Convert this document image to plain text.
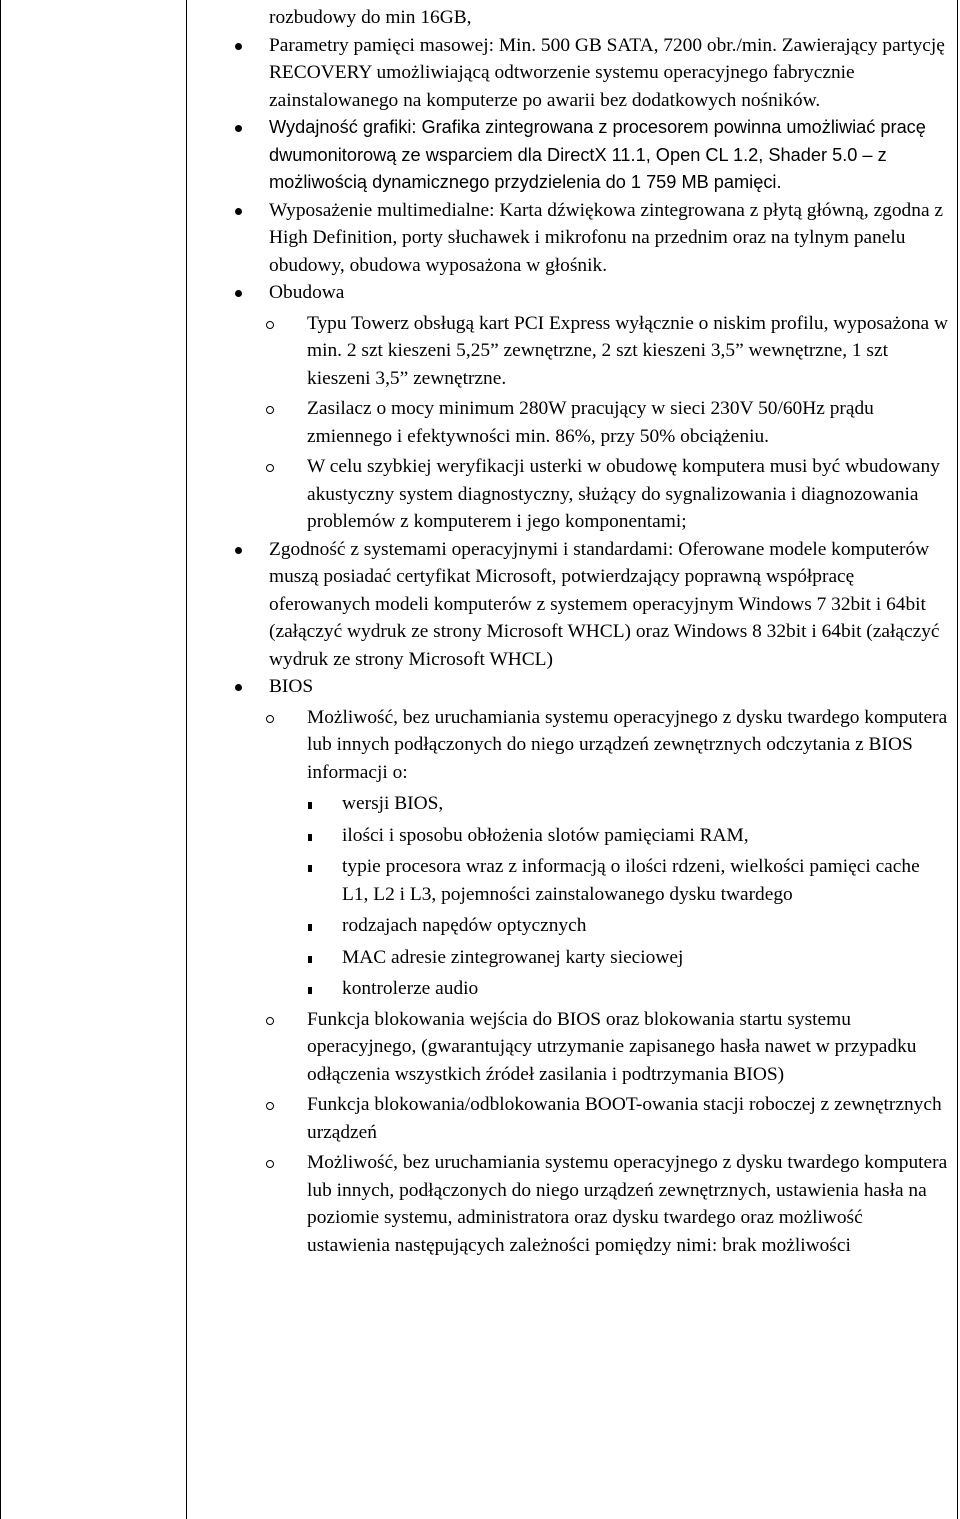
rozbudowy do min 16GB,
Parametry pamięci masowej: Min. 500 GB SATA, 7200 obr./min. Zawierający partycję RECOVERY umożliwiającą odtworzenie systemu operacyjnego fabrycznie zainstalowanego na komputerze po awarii bez dodatkowych nośników.
Wydajność grafiki: Grafika zintegrowana z procesorem powinna umożliwiać pracę dwumonitorową ze wsparciem dla DirectX 11.1, Open CL 1.2, Shader 5.0 – z możliwością dynamicznego przydzielenia do 1 759 MB pamięci.
Wyposażenie multimedialne: Karta dźwiękowa zintegrowana z płytą główną, zgodna z High Definition, porty słuchawek i mikrofonu na przednim oraz na tylnym panelu obudowy, obudowa wyposażona w głośnik.
Obudowa
Typu Towerz obsługą kart PCI Express wyłącznie o niskim profilu, wyposażona w min. 2 szt kieszeni 5,25” zewnętrzne, 2 szt kieszeni 3,5” wewnętrzne, 1 szt kieszeni 3,5” zewnętrzne.
Zasilacz o mocy minimum 280W pracujący w sieci 230V 50/60Hz prądu zmiennego i efektywności min. 86%, przy 50% obciążeniu.
W celu szybkiej weryfikacji usterki w obudowę komputera musi być wbudowany akustyczny system diagnostyczny, służący do sygnalizowania i diagnozowania problemów z komputerem i jego komponentami;
Zgodność z systemami operacyjnymi i standardami: Oferowane modele komputerów muszą posiadać certyfikat Microsoft, potwierdzający poprawną współpracę oferowanych modeli komputerów z systemem operacyjnym Windows 7 32bit i 64bit (załączyć wydruk ze strony Microsoft WHCL) oraz Windows 8 32bit i 64bit (załączyć wydruk ze strony Microsoft WHCL)
BIOS
Możliwość, bez uruchamiania systemu operacyjnego z dysku twardego komputera lub innych podłączonych do niego urządzeń zewnętrznych odczytania z BIOS informacji o:
wersji BIOS,
ilości i sposobu obłożenia slotów pamięciami RAM,
typie procesora wraz z informacją o ilości rdzeni, wielkości pamięci cache L1, L2 i L3, pojemności zainstalowanego dysku twardego
rodzajach napędów optycznych
MAC adresie zintegrowanej karty sieciowej
kontrolerze audio
Funkcja blokowania wejścia do BIOS oraz blokowania startu systemu operacyjnego, (gwarantujący utrzymanie zapisanego hasła nawet w przypadku odłączenia wszystkich źródeł zasilania i podtrzymania BIOS)
Funkcja blokowania/odblokowania BOOT-owania stacji roboczej z zewnętrznych urządzeń
Możliwość, bez uruchamiania systemu operacyjnego z dysku twardego komputera lub innych, podłączonych do niego urządzeń zewnętrznych, ustawienia hasła na poziomie systemu, administratora oraz dysku twardego oraz możliwość ustawienia następujących zależności pomiędzy nimi: brak możliwości
